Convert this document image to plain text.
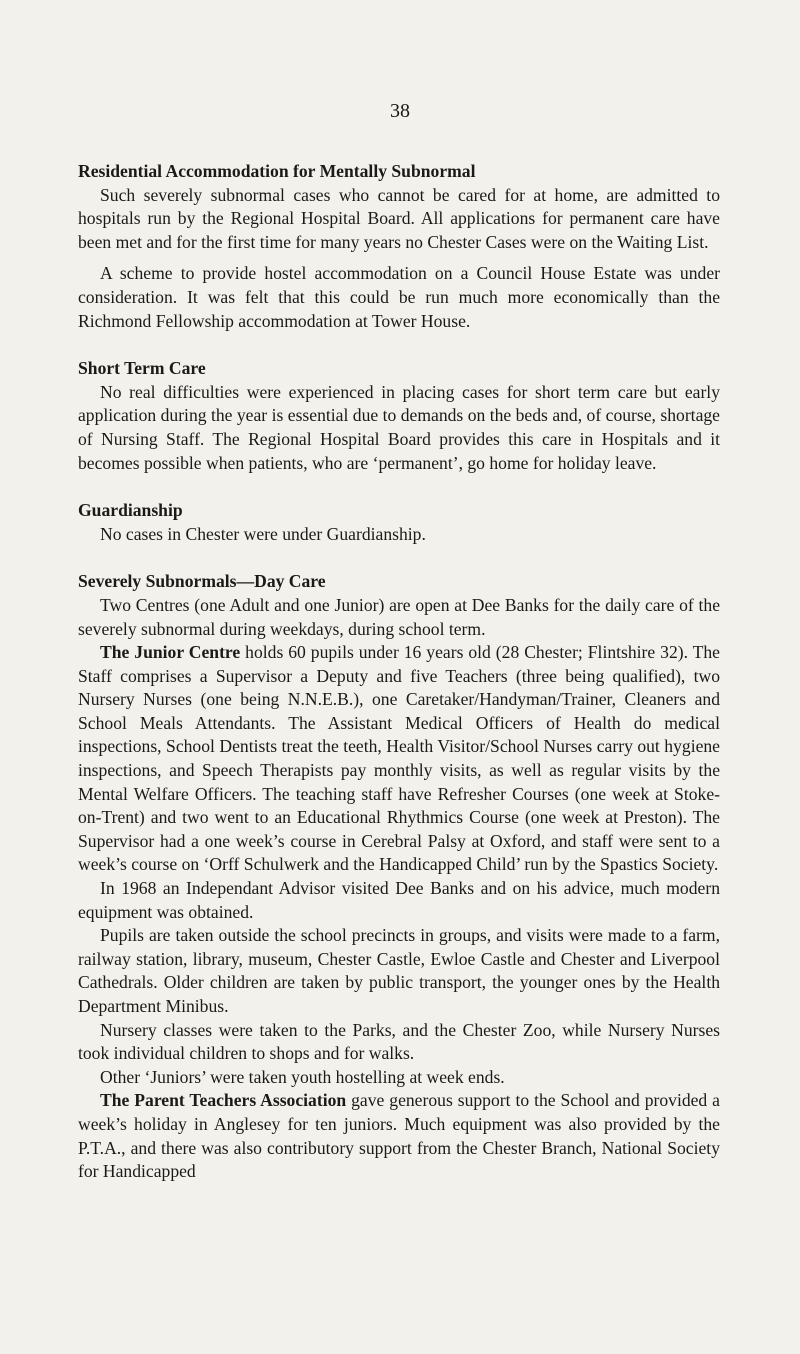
38

Residential Accommodation for Mentally Subnormal

Such severely subnormal cases who cannot be cared for at home, are admitted to hospitals run by the Regional Hospital Board. All applications for permanent care have been met and for the first time for many years no Chester Cases were on the Waiting List.

A scheme to provide hostel accommodation on a Council House Estate was under consideration. It was felt that this could be run much more economically than the Richmond Fellowship accommodation at Tower House.

Short Term Care

No real difficulties were experienced in placing cases for short term care but early application during the year is essential due to demands on the beds and, of course, shortage of Nursing Staff. The Regional Hospital Board provides this care in Hospitals and it becomes possible when patients, who are ‘permanent’, go home for holiday leave.

Guardianship

No cases in Chester were under Guardianship.

Severely Subnormals—Day Care

Two Centres (one Adult and one Junior) are open at Dee Banks for the daily care of the severely subnormal during weekdays, during school term.

The Junior Centre holds 60 pupils under 16 years old (28 Chester; Flintshire 32). The Staff comprises a Supervisor a Deputy and five Teachers (three being qualified), two Nursery Nurses (one being N.N.E.B.), one Caretaker/Handyman/Trainer, Cleaners and School Meals Attendants. The Assistant Medical Officers of Health do medical inspections, School Dentists treat the teeth, Health Visitor/School Nurses carry out hygiene inspections, and Speech Therapists pay monthly visits, as well as regular visits by the Mental Welfare Officers. The teaching staff have Refresher Courses (one week at Stoke-on-Trent) and two went to an Educational Rhythmics Course (one week at Preston). The Supervisor had a one week’s course in Cerebral Palsy at Oxford, and staff were sent to a week’s course on ‘Orff Schulwerk and the Handicapped Child’ run by the Spastics Society.

In 1968 an Independant Advisor visited Dee Banks and on his advice, much modern equipment was obtained.

Pupils are taken outside the school precincts in groups, and visits were made to a farm, railway station, library, museum, Chester Castle, Ewloe Castle and Chester and Liverpool Cathedrals. Older children are taken by public transport, the younger ones by the Health Department Minibus.

Nursery classes were taken to the Parks, and the Chester Zoo, while Nursery Nurses took individual children to shops and for walks.

Other ‘Juniors’ were taken youth hostelling at week ends.

The Parent Teachers Association gave generous support to the School and provided a week’s holiday in Anglesey for ten juniors. Much equipment was also provided by the P.T.A., and there was also contributory support from the Chester Branch, National Society for Handicapped
